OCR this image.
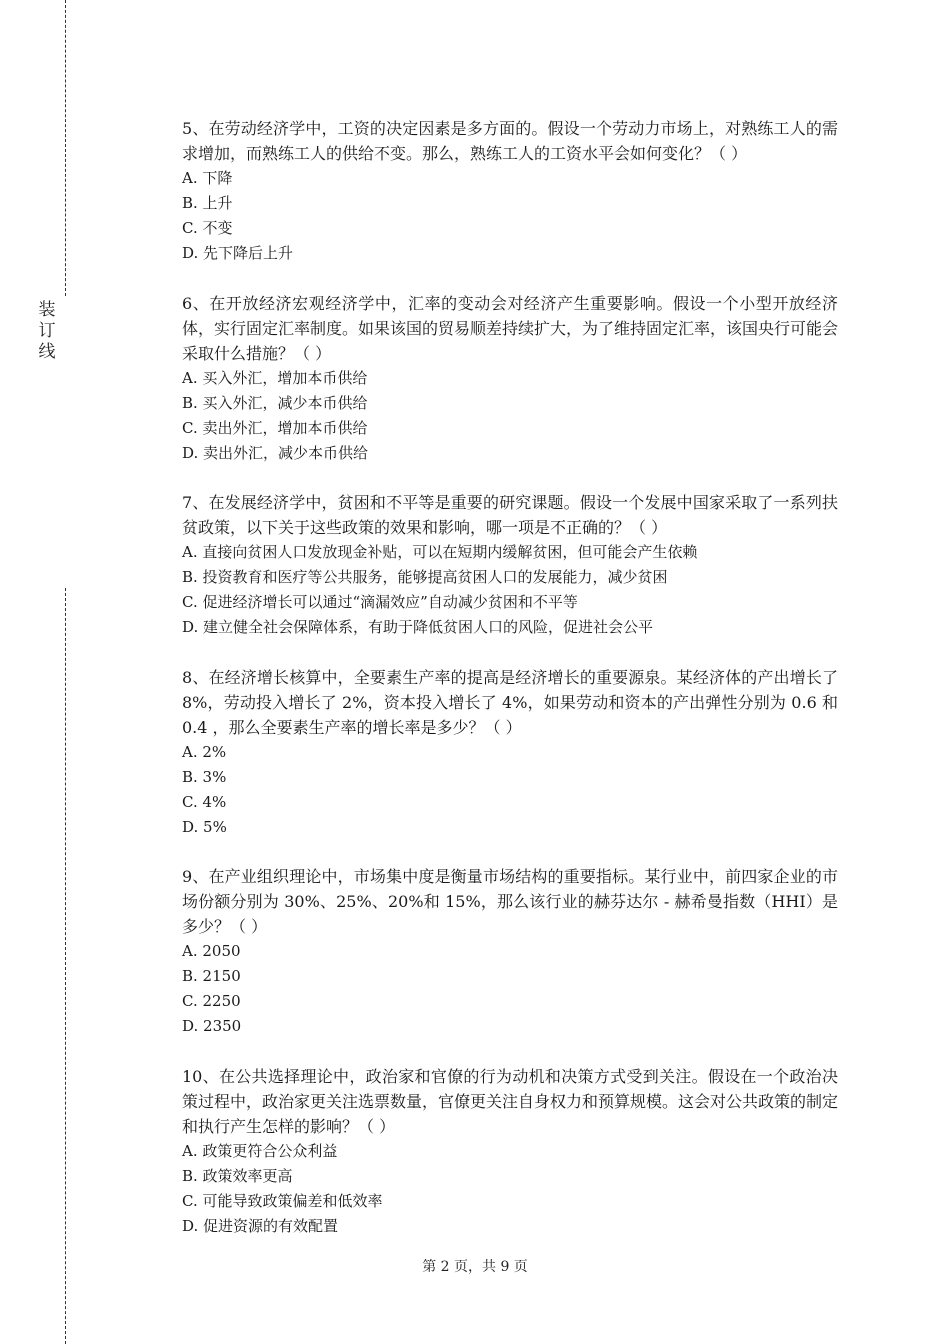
装
订
线

5、在劳动经济学中，工资的决定因素是多方面的。假设一个劳动力市场上，对熟练工人的需求增加，而熟练工人的供给不变。那么，熟练工人的工资水平会如何变化？（ ）

A. 下降

B. 上升

C. 不变

D. 先下降后上升

6、在开放经济宏观经济学中，汇率的变动会对经济产生重要影响。假设一个小型开放经济体，实行固定汇率制度。如果该国的贸易顺差持续扩大，为了维持固定汇率，该国央行可能会采取什么措施？（ ）

A. 买入外汇，增加本币供给

B. 买入外汇，减少本币供给

C. 卖出外汇，增加本币供给

D. 卖出外汇，减少本币供给

7、在发展经济学中，贫困和不平等是重要的研究课题。假设一个发展中国家采取了一系列扶贫政策，以下关于这些政策的效果和影响，哪一项是不正确的？（ ）

A. 直接向贫困人口发放现金补贴，可以在短期内缓解贫困，但可能会产生依赖

B. 投资教育和医疗等公共服务，能够提高贫困人口的发展能力，减少贫困

C. 促进经济增长可以通过“滴漏效应”自动减少贫困和不平等

D. 建立健全社会保障体系，有助于降低贫困人口的风险，促进社会公平

8、在经济增长核算中，全要素生产率的提高是经济增长的重要源泉。某经济体的产出增长了 8%，劳动投入增长了 2%，资本投入增长了 4%，如果劳动和资本的产出弹性分别为 0.6 和 0.4 ，那么全要素生产率的增长率是多少？（ ）

A. 2%

B. 3%

C. 4%

D. 5%

9、在产业组织理论中，市场集中度是衡量市场结构的重要指标。某行业中，前四家企业的市场份额分别为 30%、25%、20%和 15%，那么该行业的赫芬达尔 - 赫希曼指数（HHI）是多少？（ ）

A. 2050

B. 2150

C. 2250

D. 2350

10、在公共选择理论中，政治家和官僚的行为动机和决策方式受到关注。假设在一个政治决策过程中，政治家更关注选票数量，官僚更关注自身权力和预算规模。这会对公共政策的制定和执行产生怎样的影响？（ ）

A. 政策更符合公众利益

B. 政策效率更高

C. 可能导致政策偏差和低效率

D. 促进资源的有效配置

第 2 页，共 9 页
